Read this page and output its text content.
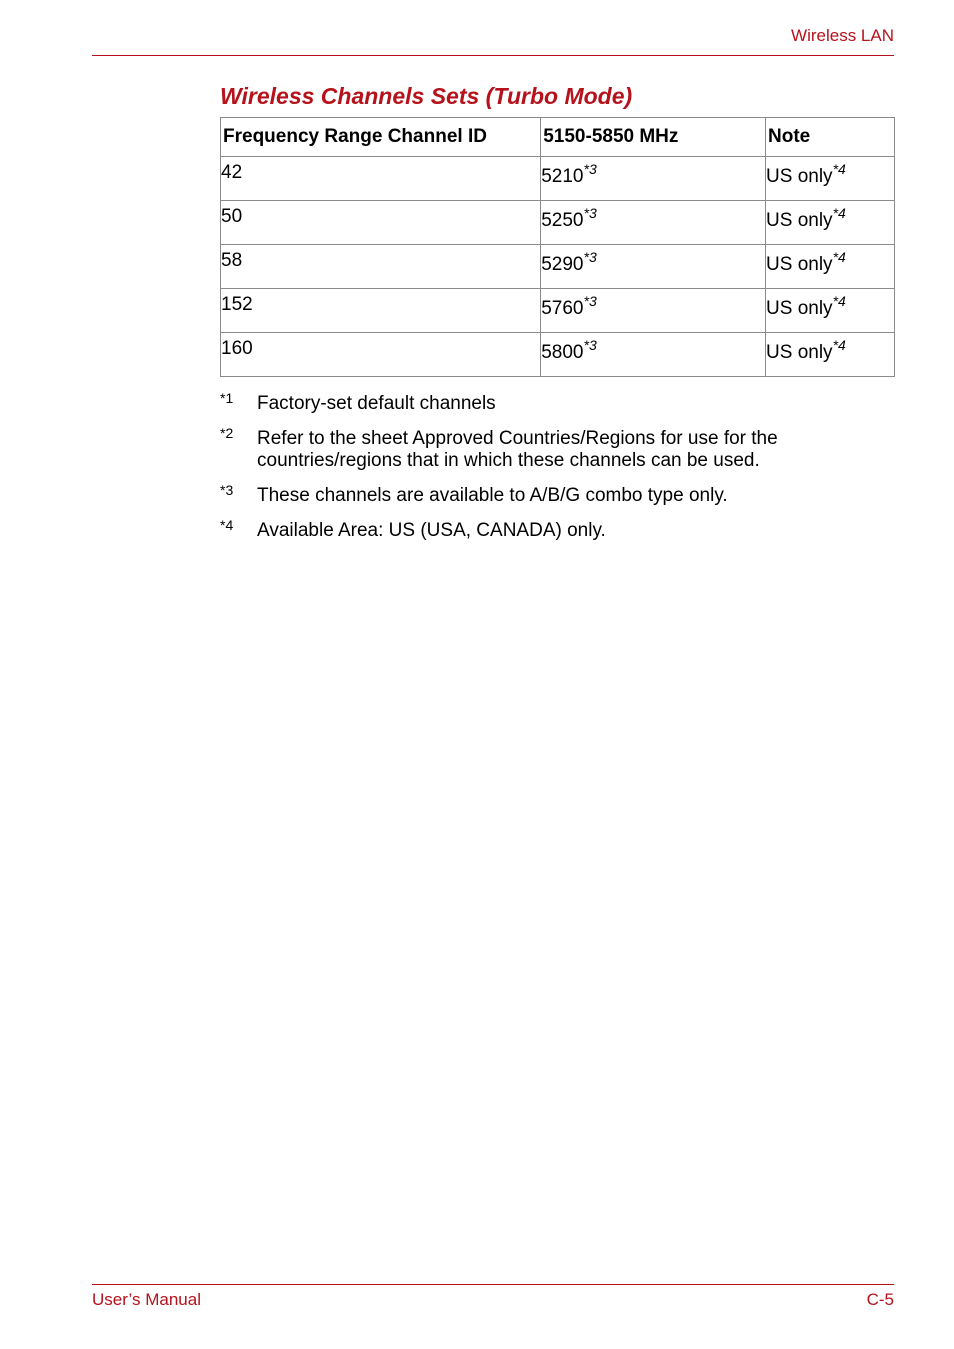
Wireless LAN
Wireless Channels Sets (Turbo Mode)
Frequency Range Channel ID	5150-5850 MHz	Note

42	5210$^{*3}$	US only$^{*4}$

50	5250$^{*3}$	US only$^{*4}$

58	5290$^{*3}$	US only$^{*4}$

152	5760$^{*3}$	US only$^{*4}$

160	5800$^{*3}$	US only$^{*4}$
*1 Factory-set default channels
*2 Refer to the sheet Approved Countries/Regions for use for the countries/regions that in which these channels can be used.
*3 These channels are available to A/B/G combo type only.
*4 Available Area: US (USA, CANADA) only.
User’s Manual	C-5
